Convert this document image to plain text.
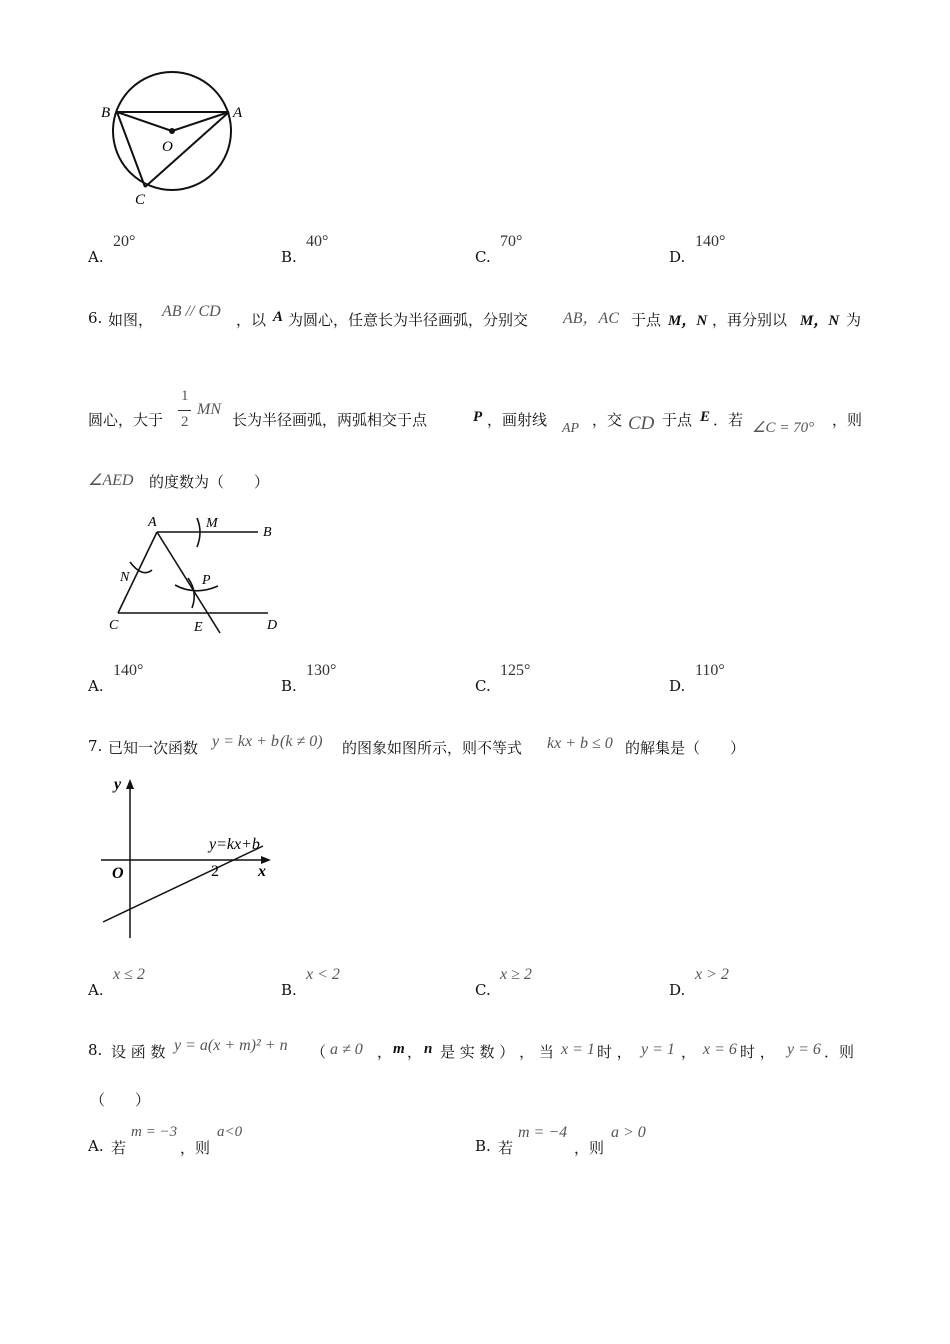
B	A
O
C
A.
20°
B.
40°
C.
70°
D.
140°
6. 如图， AB // CD ，以 A 为圆心，任意长为半径画弧，分别交 AB，AC 于点 M，N ，再分别以 M，N 为
圆心，大于
1
2
MN
长为半径画弧，两弧相交于点	P ，画射线 AP ，交 CD 于点 E ．若 ∠C = 70° ，则
∠AED 的度数为（　　）
A	M
B
N	P
C	E	D
A.
140°
B.
130°
C.
125°
D.
110°
7. 已知一次函数 y = kx + b (k ≠ 0) 的图象如图所示，则不等式 kx + b ≤ 0 的解集是（　　）
y
x
O	2
y=kx+b
A.
x ≤ 2
B.
x < 2
C.
x ≥ 2
D.
x > 2
8. 设 函 数 y = a(x + m)² + n （ a ≠ 0 ， m ， n 是 实 数 ） ， 当 x = 1 时 ， y = 1 ， x = 6 时 ， y = 6 ．则
（　　）
A. 若
m = −3
，则
a<0
B. 若
m = −4
，则
a > 0
